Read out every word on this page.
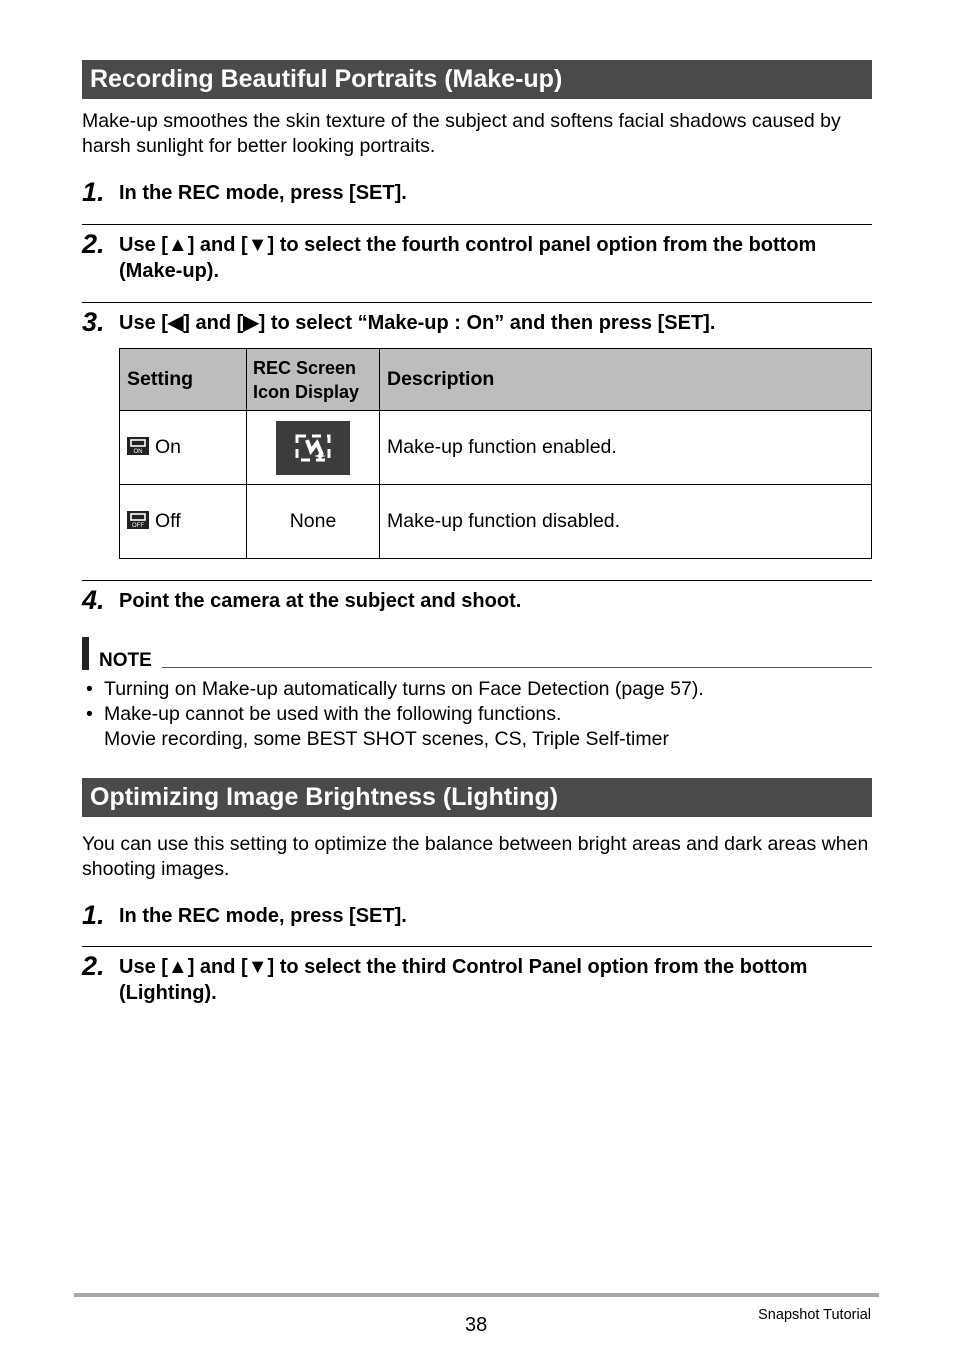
Recording Beautiful Portraits (Make-up)
Make-up smoothes the skin texture of the subject and softens facial shadows caused by harsh sunlight for better looking portraits.
1. In the REC mode, press [SET].
2. Use [▲] and [▼] to select the fourth control panel option from the bottom (Make-up).
3. Use [◀] and [▶] to select “Make-up : On” and then press [SET].
Setting	REC Screen Icon Display	Description

ON On		Make-up function enabled.

OFF Off	None	Make-up function disabled.
4. Point the camera at the subject and shoot.
NOTE
• Turning on Make-up automatically turns on Face Detection (page 57).
• Make-up cannot be used with the following functions.
Movie recording, some BEST SHOT scenes, CS, Triple Self-timer
Optimizing Image Brightness (Lighting)
You can use this setting to optimize the balance between bright areas and dark areas when shooting images.
1. In the REC mode, press [SET].
2. Use [▲] and [▼] to select the third Control Panel option from the bottom (Lighting).
38	Snapshot Tutorial
